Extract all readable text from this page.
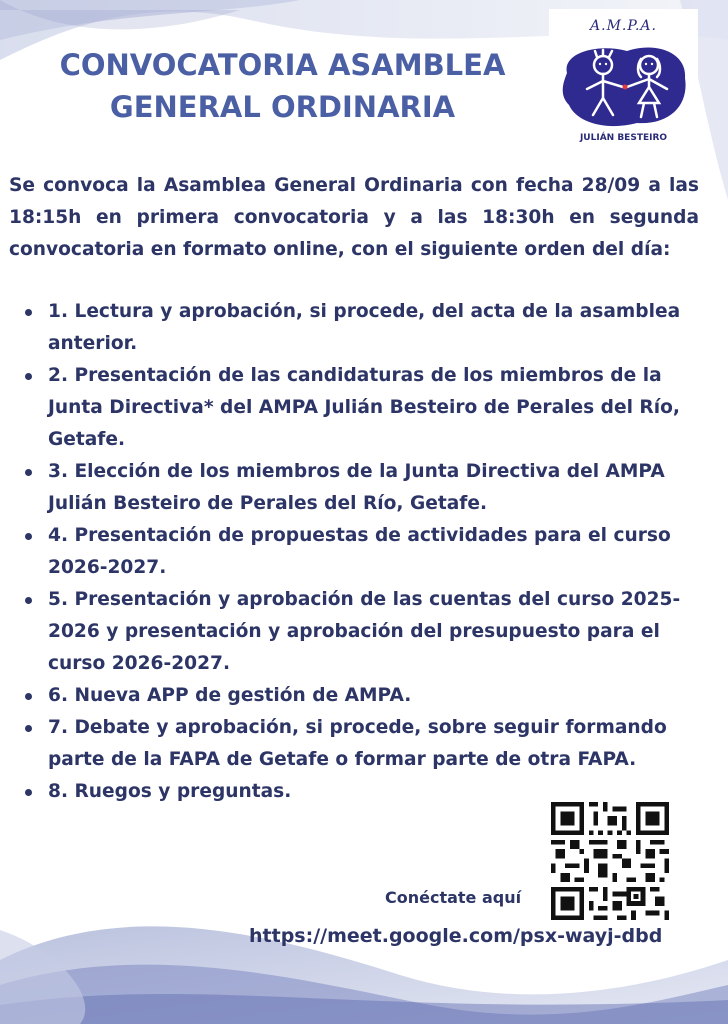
CONVOCATORIA ASAMBLEA
GENERAL ORDINARIA
A.M.P.A.
JULIÁN BESTEIRO

Se convoca la Asamblea General Ordinaria con fecha 28/09 a las 18:15h en primera convocatoria y a las 18:30h en segunda convocatoria en formato online, con el siguiente orden del día:

1. Lectura y aprobación, si procede, del acta de la asamblea anterior.
2. Presentación de las candidaturas de los miembros de la Junta Directiva* del AMPA Julián Besteiro de Perales del Río, Getafe.
3. Elección de los miembros de la Junta Directiva del AMPA Julián Besteiro de Perales del Río, Getafe.
4. Presentación de propuestas de actividades para el curso 2026-2027.
5. Presentación y aprobación de las cuentas del curso 2025-2026 y presentación y aprobación del presupuesto para el curso 2026-2027.
6. Nueva APP de gestión de AMPA.
7. Debate y aprobación, si procede, sobre seguir formando parte de la FAPA de Getafe o formar parte de otra FAPA.
8. Ruegos y preguntas.
Conéctate aquí
https://meet.google.com/psx-wayj-dbd
